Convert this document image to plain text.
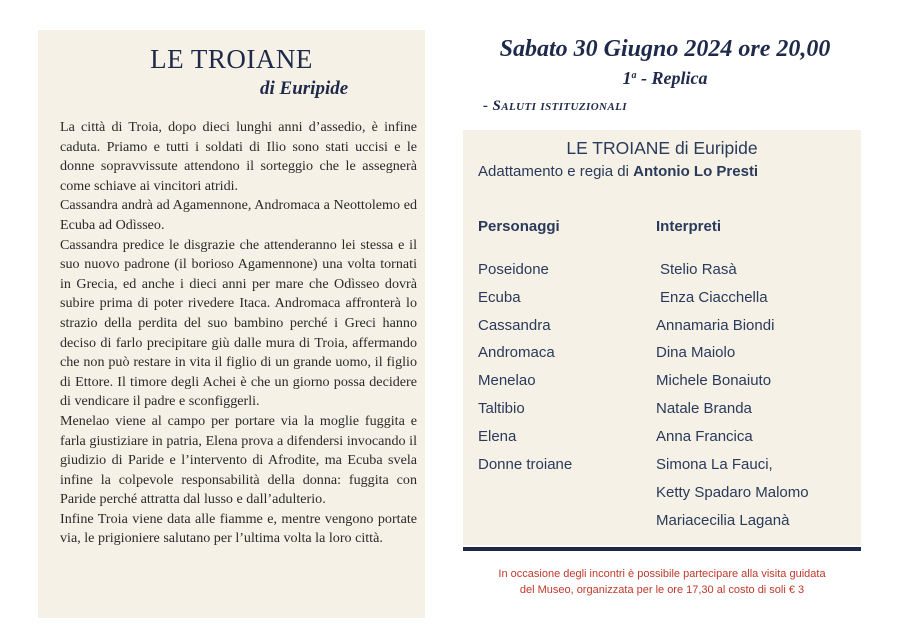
LE TROIANE
di Euripide

La città di Troia, dopo dieci lunghi anni d’assedio, è infine caduta. Priamo e tutti i soldati di Ilio sono stati uccisi e le donne sopravvissute attendono il sorteggio che le assegnerà come schiave ai vincitori atridi.

Cassandra andrà ad Agamennone, Andromaca a Neottolemo ed Ecuba ad Odìsseo.

Cassandra predice le disgrazie che attenderanno lei stessa e il suo nuovo padrone (il borioso Agamennone) una volta tornati in Grecia, ed anche i dieci anni per mare che Odìsseo dovrà subire prima di poter rivedere Itaca. Andromaca affronterà lo strazio della perdita del suo bambino perché i Greci hanno deciso di farlo precipitare giù dalle mura di Troia, affermando che non può restare in vita il figlio di un grande uomo, il figlio di Ettore. Il timore degli Achei è che un giorno possa decidere di vendicare il padre e sconfiggerli.

Menelao viene al campo per portare via la moglie fuggita e farla giustiziare in patria, Elena prova a difendersi invocando il giudizio di Paride e l’intervento di Afrodite, ma Ecuba svela infine la colpevole responsabilità della donna: fuggita con Paride perché attratta dal lusso e dall’adulterio.

Infine Troia viene data alle fiamme e, mentre vengono portate via, le prigioniere salutano per l’ultima volta la loro città.

Sabato 30 Giugno 2024 ore 20,00
1$^a$ - Replica
- Saluti istituzionali
LE TROIANE di Euripide
Adattamento e regia di Antonio Lo Presti
Personaggi	Interpreti
Poseidone
Ecuba
Cassandra
Andromaca
Menelao
Taltibio
Elena
Donne troiane
Stelio Rasà
Enza Ciacchella
Annamaria Biondi
Dina Maiolo
Michele Bonaiuto
Natale Branda
Anna Francica
Simona La Fauci,
Ketty Spadaro Malomo
Mariacecilia Laganà
In occasione degli incontri è possibile partecipare alla visita guidata
del Museo, organizzata per le ore 17,30 al costo di soli € 3
